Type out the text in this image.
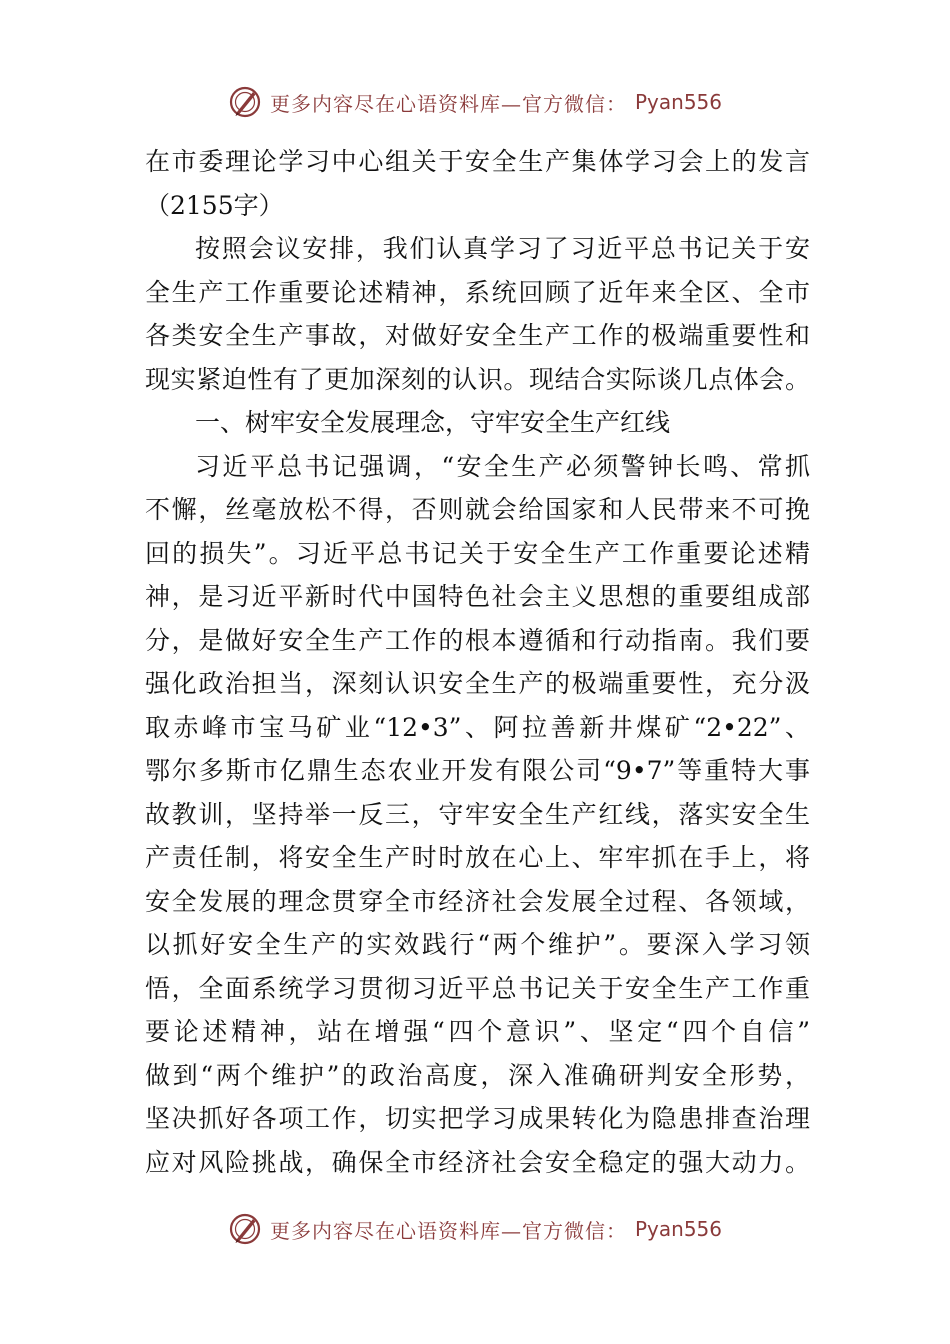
更多内容尽在心语资料库—官方微信： Pyan556
在市委理论学习中心组关于安全生产集体学习会上的发言
（2155字）
按照会议安排，我们认真学习了习近平总书记关于安
全生产工作重要论述精神，系统回顾了近年来全区、全市
各类安全生产事故，对做好安全生产工作的极端重要性和
现实紧迫性有了更加深刻的认识。现结合实际谈几点体会。
一、树牢安全发展理念，守牢安全生产红线
习近平总书记强调，“安全生产必须警钟长鸣、常抓
不懈，丝毫放松不得，否则就会给国家和人民带来不可挽
回的损失”。习近平总书记关于安全生产工作重要论述精
神，是习近平新时代中国特色社会主义思想的重要组成部
分，是做好安全生产工作的根本遵循和行动指南。我们要
强化政治担当，深刻认识安全生产的极端重要性，充分汲
取赤峰市宝马矿业“12•3”、阿拉善新井煤矿“2•22”、
鄂尔多斯市亿鼎生态农业开发有限公司“9•7”等重特大事
故教训，坚持举一反三，守牢安全生产红线，落实安全生
产责任制，将安全生产时时放在心上、牢牢抓在手上，将
安全发展的理念贯穿全市经济社会发展全过程、各领域，
以抓好安全生产的实效践行“两个维护”。要深入学习领
悟，全面系统学习贯彻习近平总书记关于安全生产工作重
要论述精神，站在增强“四个意识”、坚定“四个自信”
做到“两个维护”的政治高度，深入准确研判安全形势，
坚决抓好各项工作，切实把学习成果转化为隐患排查治理
应对风险挑战，确保全市经济社会安全稳定的强大动力。
更多内容尽在心语资料库—官方微信： Pyan556
